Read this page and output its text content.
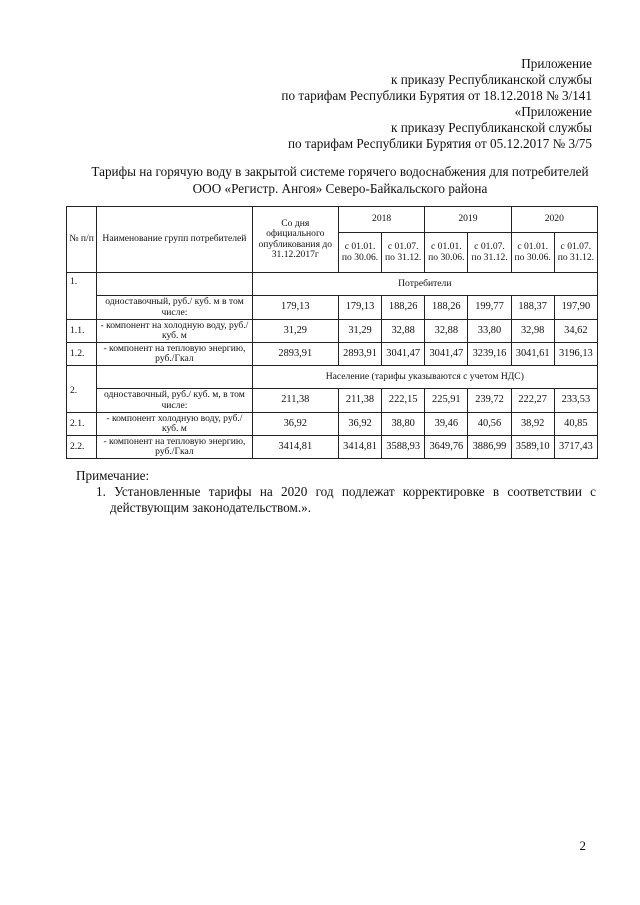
Приложение
к приказу Республиканской службы
по тарифам Республики Бурятия от 18.12.2018 № 3/141
«Приложение
к приказу Республиканской службы
по тарифам Республики Бурятия от 05.12.2017 № 3/75
Тарифы на горячую воду в закрытой системе горячего водоснабжения для потребителей
ООО «Регистр. Ангоя» Северо-Байкальского района
№ п/п	Наименование групп потребителей	Со дня официального опубликования до 31.12.2017г	2018		2019		2020	
			с 01.01. по 30.06.	с 01.07. по 31.12.	с 01.01. по 30.06.	с 01.07. по 31.12.	с 01.01. по 30.06.	с 01.07. по 31.12.
1.		Потребители						
	одноставочный, руб./ куб. м в том числе:	179,13	179,13	188,26	188,26	199,77	188,37	197,90
1.1.	- компонент на холодную воду, руб./ куб. м	31,29	31,29	32,88	32,88	33,80	32,98	34,62
1.2.	- компонент на тепловую энергию, руб./Гкал	2893,91	2893,91	3041,47	3041,47	3239,16	3041,61	3196,13
2.		Население (тарифы указываются с учетом НДС)						
	одноставочный, руб./ куб. м, в том числе:	211,38	211,38	222,15	225,91	239,72	222,27	233,53
2.1.	- компонент холодную воду, руб./ куб. м	36,92	36,92	38,80	39,46	40,56	38,92	40,85
2.2.	- компонент на тепловую энергию, руб./Гкал	3414,81	3414,81	3588,93	3649,76	3886,99	3589,10	3717,43
Примечание:
1. Установленные тарифы на 2020 год подлежат корректировке в соответствии с действующим законодательством.».
2
